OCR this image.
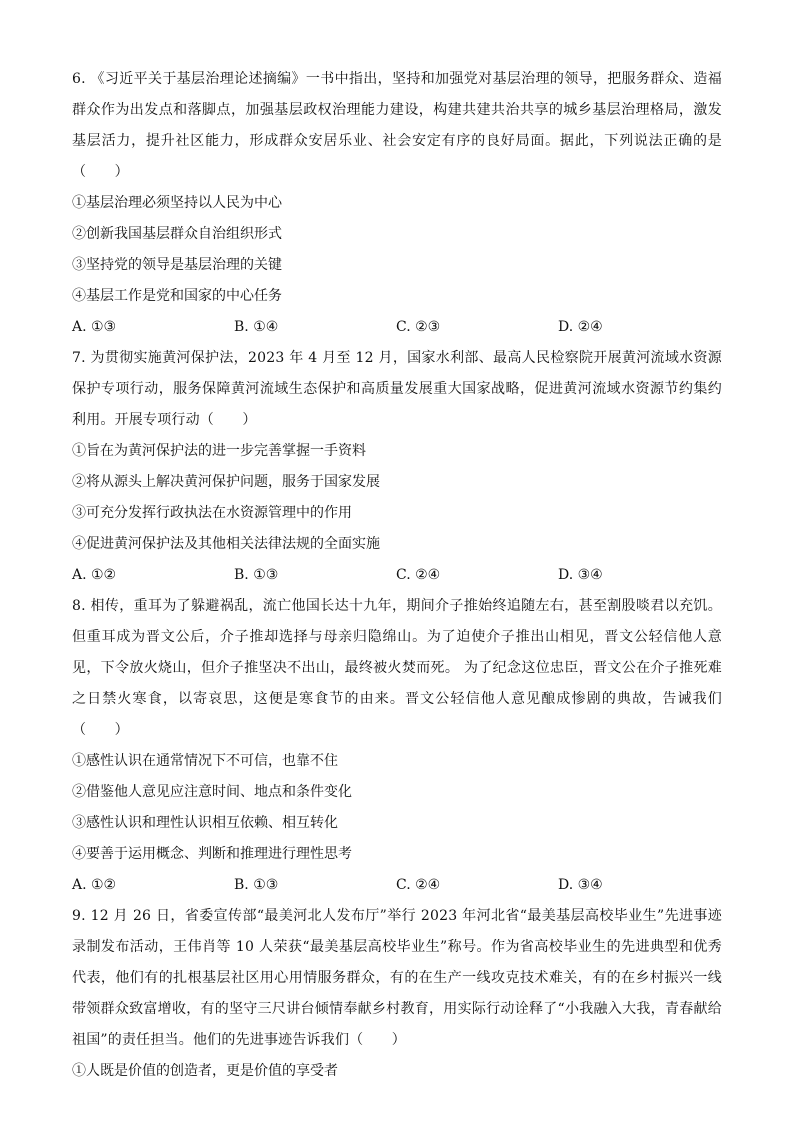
6. 《习近平关于基层治理论述摘编》一书中指出，坚持和加强党对基层治理的领导，把服务群众、造福群众作为出发点和落脚点，加强基层政权治理能力建设，构建共建共治共享的城乡基层治理格局，激发基层活力，提升社区能力，形成群众安居乐业、社会安定有序的良好局面。据此，下列说法正确的是（　　）

①基层治理必须坚持以人民为中心

②创新我国基层群众自治组织形式

③坚持党的领导是基层治理的关键

④基层工作是党和国家的中心任务

A. ①③	B. ①④	C. ②③	D. ②④

7. 为贯彻实施黄河保护法，2023 年 4 月至 12 月，国家水利部、最高人民检察院开展黄河流域水资源保护专项行动，服务保障黄河流域生态保护和高质量发展重大国家战略，促进黄河流域水资源节约集约利用。开展专项行动（　　）

①旨在为黄河保护法的进一步完善掌握一手资料

②将从源头上解决黄河保护问题，服务于国家发展

③可充分发挥行政执法在水资源管理中的作用

④促进黄河保护法及其他相关法律法规的全面实施

A. ①②	B. ①③	C. ②④	D. ③④

8. 相传，重耳为了躲避祸乱，流亡他国长达十九年，期间介子推始终追随左右，甚至割股啖君以充饥。但重耳成为晋文公后，介子推却选择与母亲归隐绵山。为了迫使介子推出山相见，晋文公轻信他人意见，下令放火烧山，但介子推坚决不出山，最终被火焚而死。 为了纪念这位忠臣，晋文公在介子推死难之日禁火寒食，以寄哀思，这便是寒食节的由来。晋文公轻信他人意见酿成惨剧的典故，告诫我们（　　）

①感性认识在通常情况下不可信，也靠不住

②借鉴他人意见应注意时间、地点和条件变化

③感性认识和理性认识相互依赖、相互转化

④要善于运用概念、判断和推理进行理性思考

A. ①②	B. ①③	C. ②④	D. ③④

9. 12 月 26 日，省委宣传部“最美河北人发布厅”举行 2023 年河北省“最美基层高校毕业生”先进事迹录制发布活动，王伟肖等 10 人荣获“最美基层高校毕业生”称号。作为省高校毕业生的先进典型和优秀代表，他们有的扎根基层社区用心用情服务群众，有的在生产一线攻克技术难关，有的在乡村振兴一线带领群众致富增收，有的坚守三尺讲台倾情奉献乡村教育，用实际行动诠释了“小我融入大我，青春献给祖国”的责任担当。他们的先进事迹告诉我们（　　）

①人既是价值的创造者，更是价值的享受者
